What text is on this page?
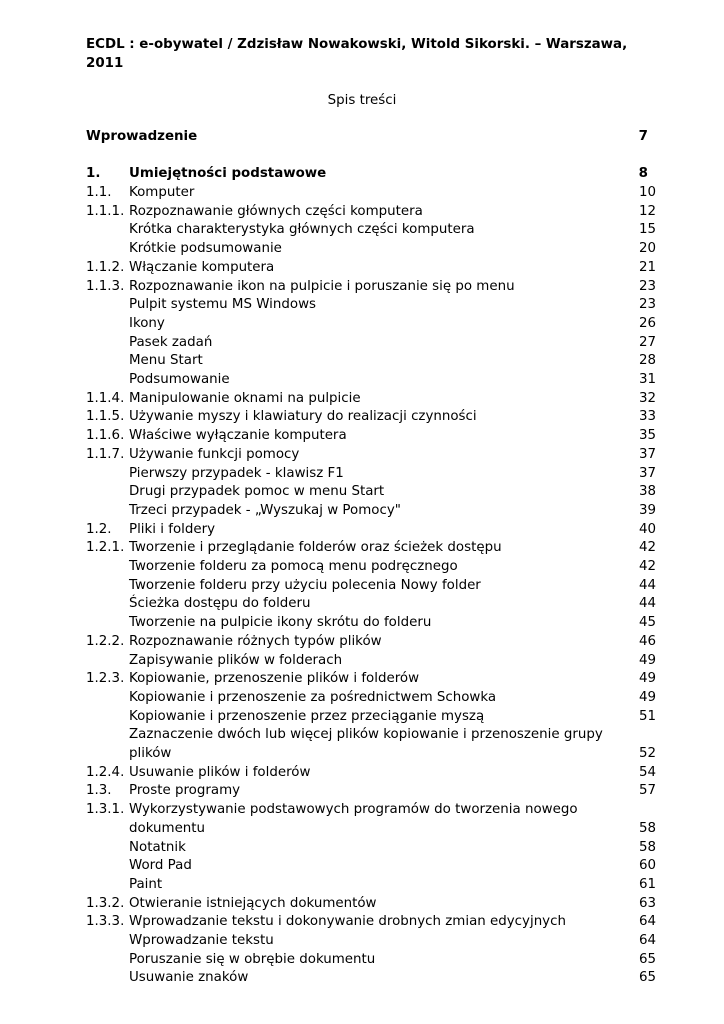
ECDL : e-obywatel / Zdzisław Nowakowski, Witold Sikorski. – Warszawa, 2011
Spis treści
Wprowadzenie	7
1. Umiejętności podstawowe	8
1.1. Komputer	10
1.1.1. Rozpoznawanie głównych części komputera	12
Krótka charakterystyka głównych części komputera	15
Krótkie podsumowanie	20
1.1.2. Włączanie komputera	21
1.1.3. Rozpoznawanie ikon na pulpicie i poruszanie się po menu	23
Pulpit systemu MS Windows	23
Ikony	26
Pasek zadań	27
Menu Start	28
Podsumowanie	31
1.1.4. Manipulowanie oknami na pulpicie	32
1.1.5. Używanie myszy i klawiatury do realizacji czynności	33
1.1.6. Właściwe wyłączanie komputera	35
1.1.7. Używanie funkcji pomocy	37
Pierwszy przypadek - klawisz F1	37
Drugi przypadek pomoc w menu Start	38
Trzeci przypadek - „Wyszukaj w Pomocy"	39
1.2. Pliki i foldery	40
1.2.1. Tworzenie i przeglądanie folderów oraz ścieżek dostępu	42
Tworzenie folderu za pomocą menu podręcznego	42
Tworzenie folderu przy użyciu polecenia Nowy folder	44
Ścieżka dostępu do folderu	44
Tworzenie na pulpicie ikony skrótu do folderu	45
1.2.2. Rozpoznawanie różnych typów plików	46
Zapisywanie plików w folderach	49
1.2.3. Kopiowanie, przenoszenie plików i folderów	49
Kopiowanie i przenoszenie za pośrednictwem Schowka	49
Kopiowanie i przenoszenie przez przeciąganie myszą	51
Zaznaczenie dwóch lub więcej plików kopiowanie i przenoszenie grupy
plików	52
1.2.4. Usuwanie plików i folderów	54
1.3. Proste programy	57
1.3.1. Wykorzystywanie podstawowych programów do tworzenia nowego
dokumentu	58
Notatnik	58
Word Pad	60
Paint	61
1.3.2. Otwieranie istniejących dokumentów	63
1.3.3. Wprowadzanie tekstu i dokonywanie drobnych zmian edycyjnych	64
Wprowadzanie tekstu	64
Poruszanie się w obrębie dokumentu	65
Usuwanie znaków	65
